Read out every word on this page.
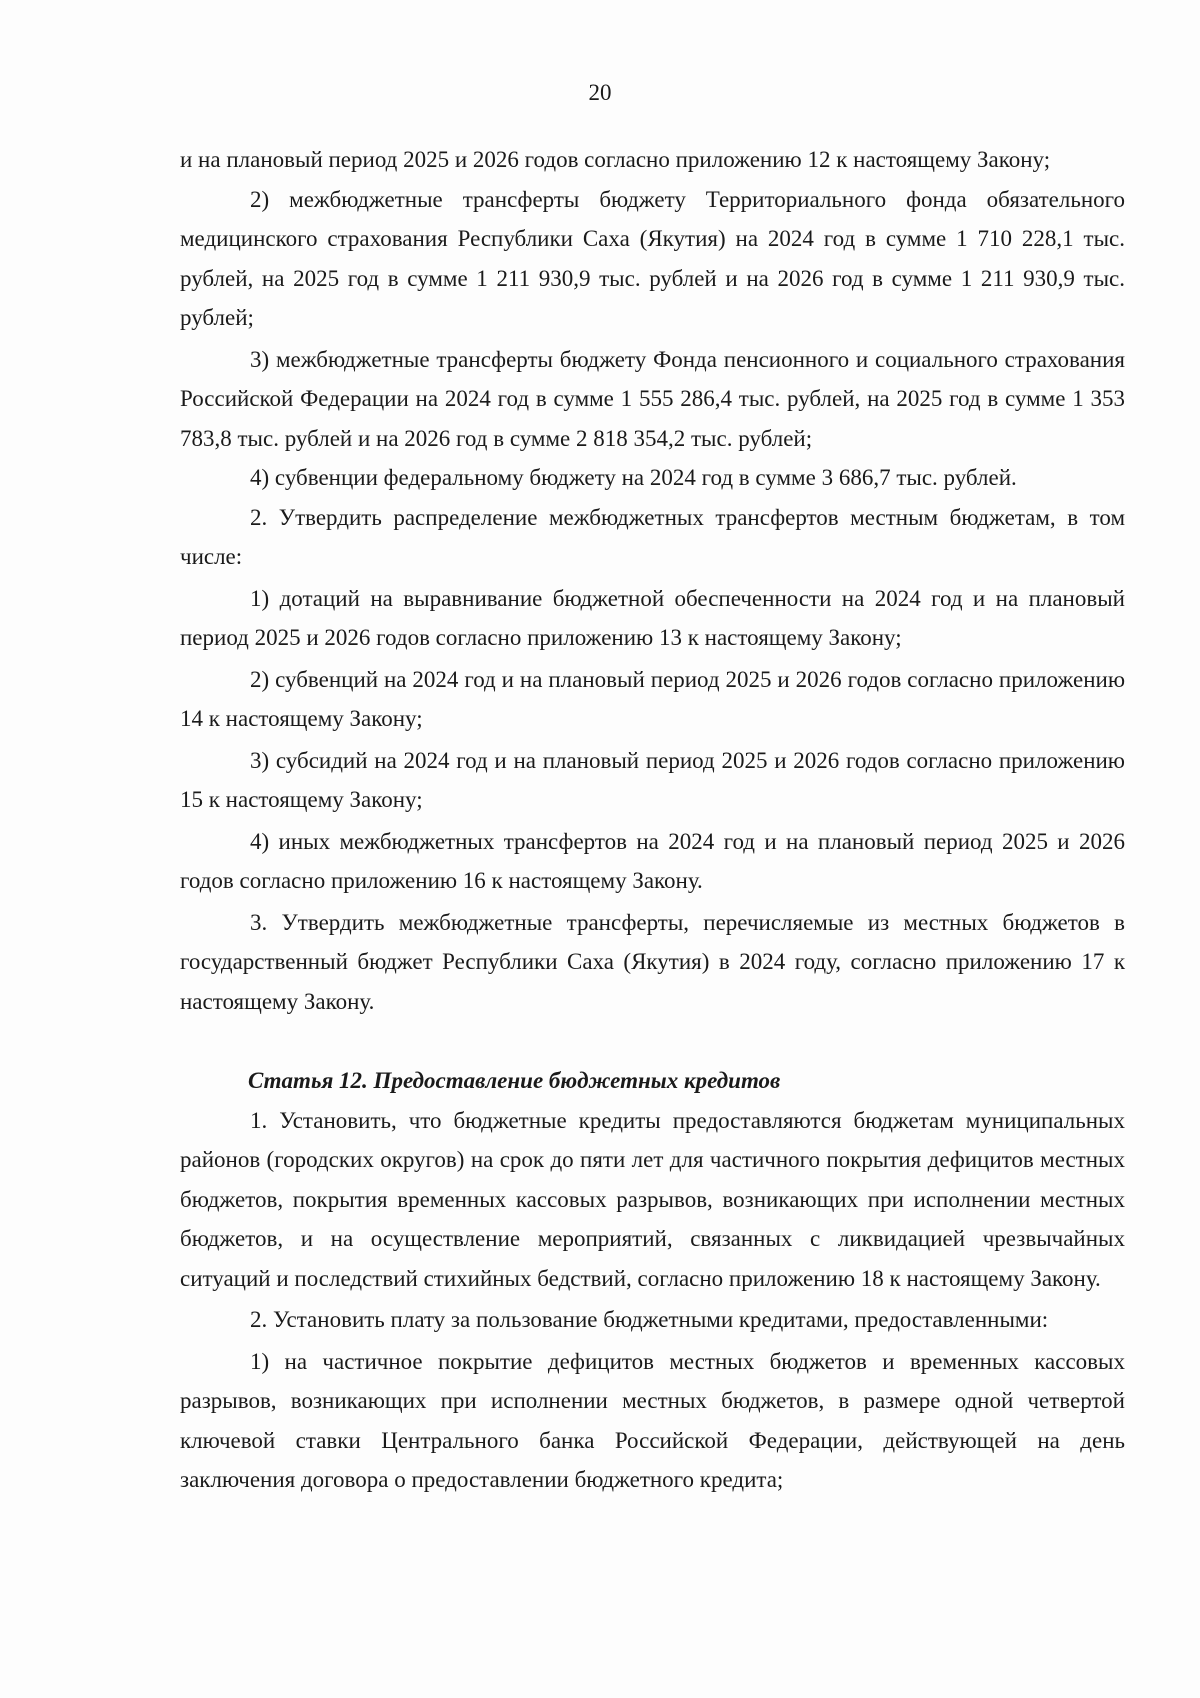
20

и на плановый период 2025 и 2026 годов согласно приложению 12 к настоящему Закону;

2) межбюджетные трансферты бюджету Территориального фонда обязательного медицинского страхования Республики Саха (Якутия) на 2024 год в сумме 1 710 228,1 тыс. рублей, на 2025 год в сумме 1 211 930,9 тыс. рублей и на 2026 год в сумме 1 211 930,9 тыс. рублей;

3) межбюджетные трансферты бюджету Фонда пенсионного и социального страхования Российской Федерации на 2024 год в сумме 1 555 286,4 тыс. рублей, на 2025 год в сумме 1 353 783,8 тыс. рублей и на 2026 год в сумме 2 818 354,2 тыс. рублей;

4) субвенции федеральному бюджету на 2024 год в сумме 3 686,7 тыс. рублей.

2. Утвердить распределение межбюджетных трансфертов местным бюджетам, в том числе:

1) дотаций на выравнивание бюджетной обеспеченности на 2024 год и на плановый период 2025 и 2026 годов согласно приложению 13 к настоящему Закону;

2) субвенций на 2024 год и на плановый период 2025 и 2026 годов согласно приложению 14 к настоящему Закону;

3) субсидий на 2024 год и на плановый период 2025 и 2026 годов согласно приложению 15 к настоящему Закону;

4) иных межбюджетных трансфертов на 2024 год и на плановый период 2025 и 2026 годов согласно приложению 16 к настоящему Закону.

3. Утвердить межбюджетные трансферты, перечисляемые из местных бюджетов в государственный бюджет Республики Саха (Якутия) в 2024 году, согласно приложению 17 к настоящему Закону.

Статья 12. Предоставление бюджетных кредитов

1. Установить, что бюджетные кредиты предоставляются бюджетам муниципальных районов (городских округов) на срок до пяти лет для частичного покрытия дефицитов местных бюджетов, покрытия временных кассовых разрывов, возникающих при исполнении местных бюджетов, и на осуществление мероприятий, связанных с ликвидацией чрезвычайных ситуаций и последствий стихийных бедствий, согласно приложению 18 к настоящему Закону.

2. Установить плату за пользование бюджетными кредитами, предоставленными:

1) на частичное покрытие дефицитов местных бюджетов и временных кассовых разрывов, возникающих при исполнении местных бюджетов, в размере одной четвертой ключевой ставки Центрального банка Российской Федерации, действующей на день заключения договора о предоставлении бюджетного кредита;
